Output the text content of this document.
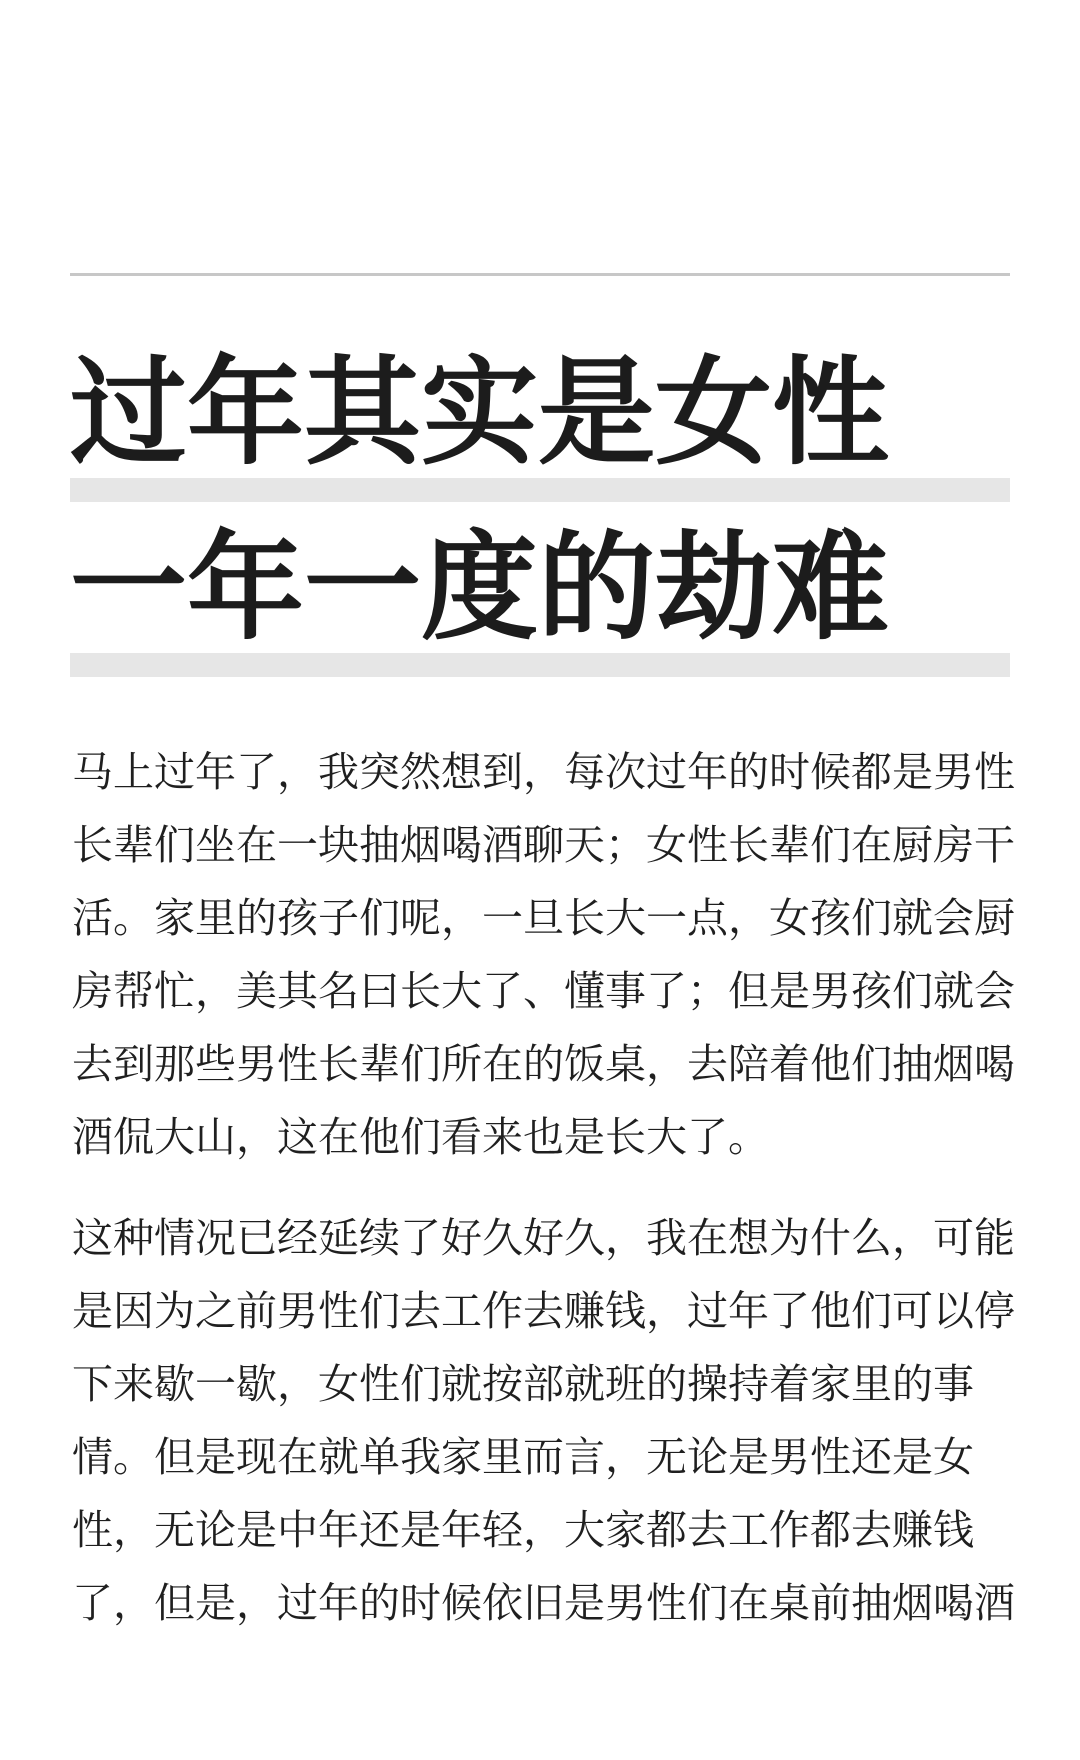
过年其实是女性
一年一度的劫难
马上过年了，我突然想到，每次过年的时候都是男性
长辈们坐在一块抽烟喝酒聊天；女性长辈们在厨房干
活。家里的孩子们呢，一旦长大一点，女孩们就会厨
房帮忙，美其名曰长大了、懂事了；但是男孩们就会
去到那些男性长辈们所在的饭桌，去陪着他们抽烟喝
酒侃大山，这在他们看来也是长大了。
这种情况已经延续了好久好久，我在想为什么，可能
是因为之前男性们去工作去赚钱，过年了他们可以停
下来歇一歇，女性们就按部就班的操持着家里的事
情。但是现在就单我家里而言，无论是男性还是女
性，无论是中年还是年轻，大家都去工作都去赚钱
了，但是，过年的时候依旧是男性们在桌前抽烟喝酒
